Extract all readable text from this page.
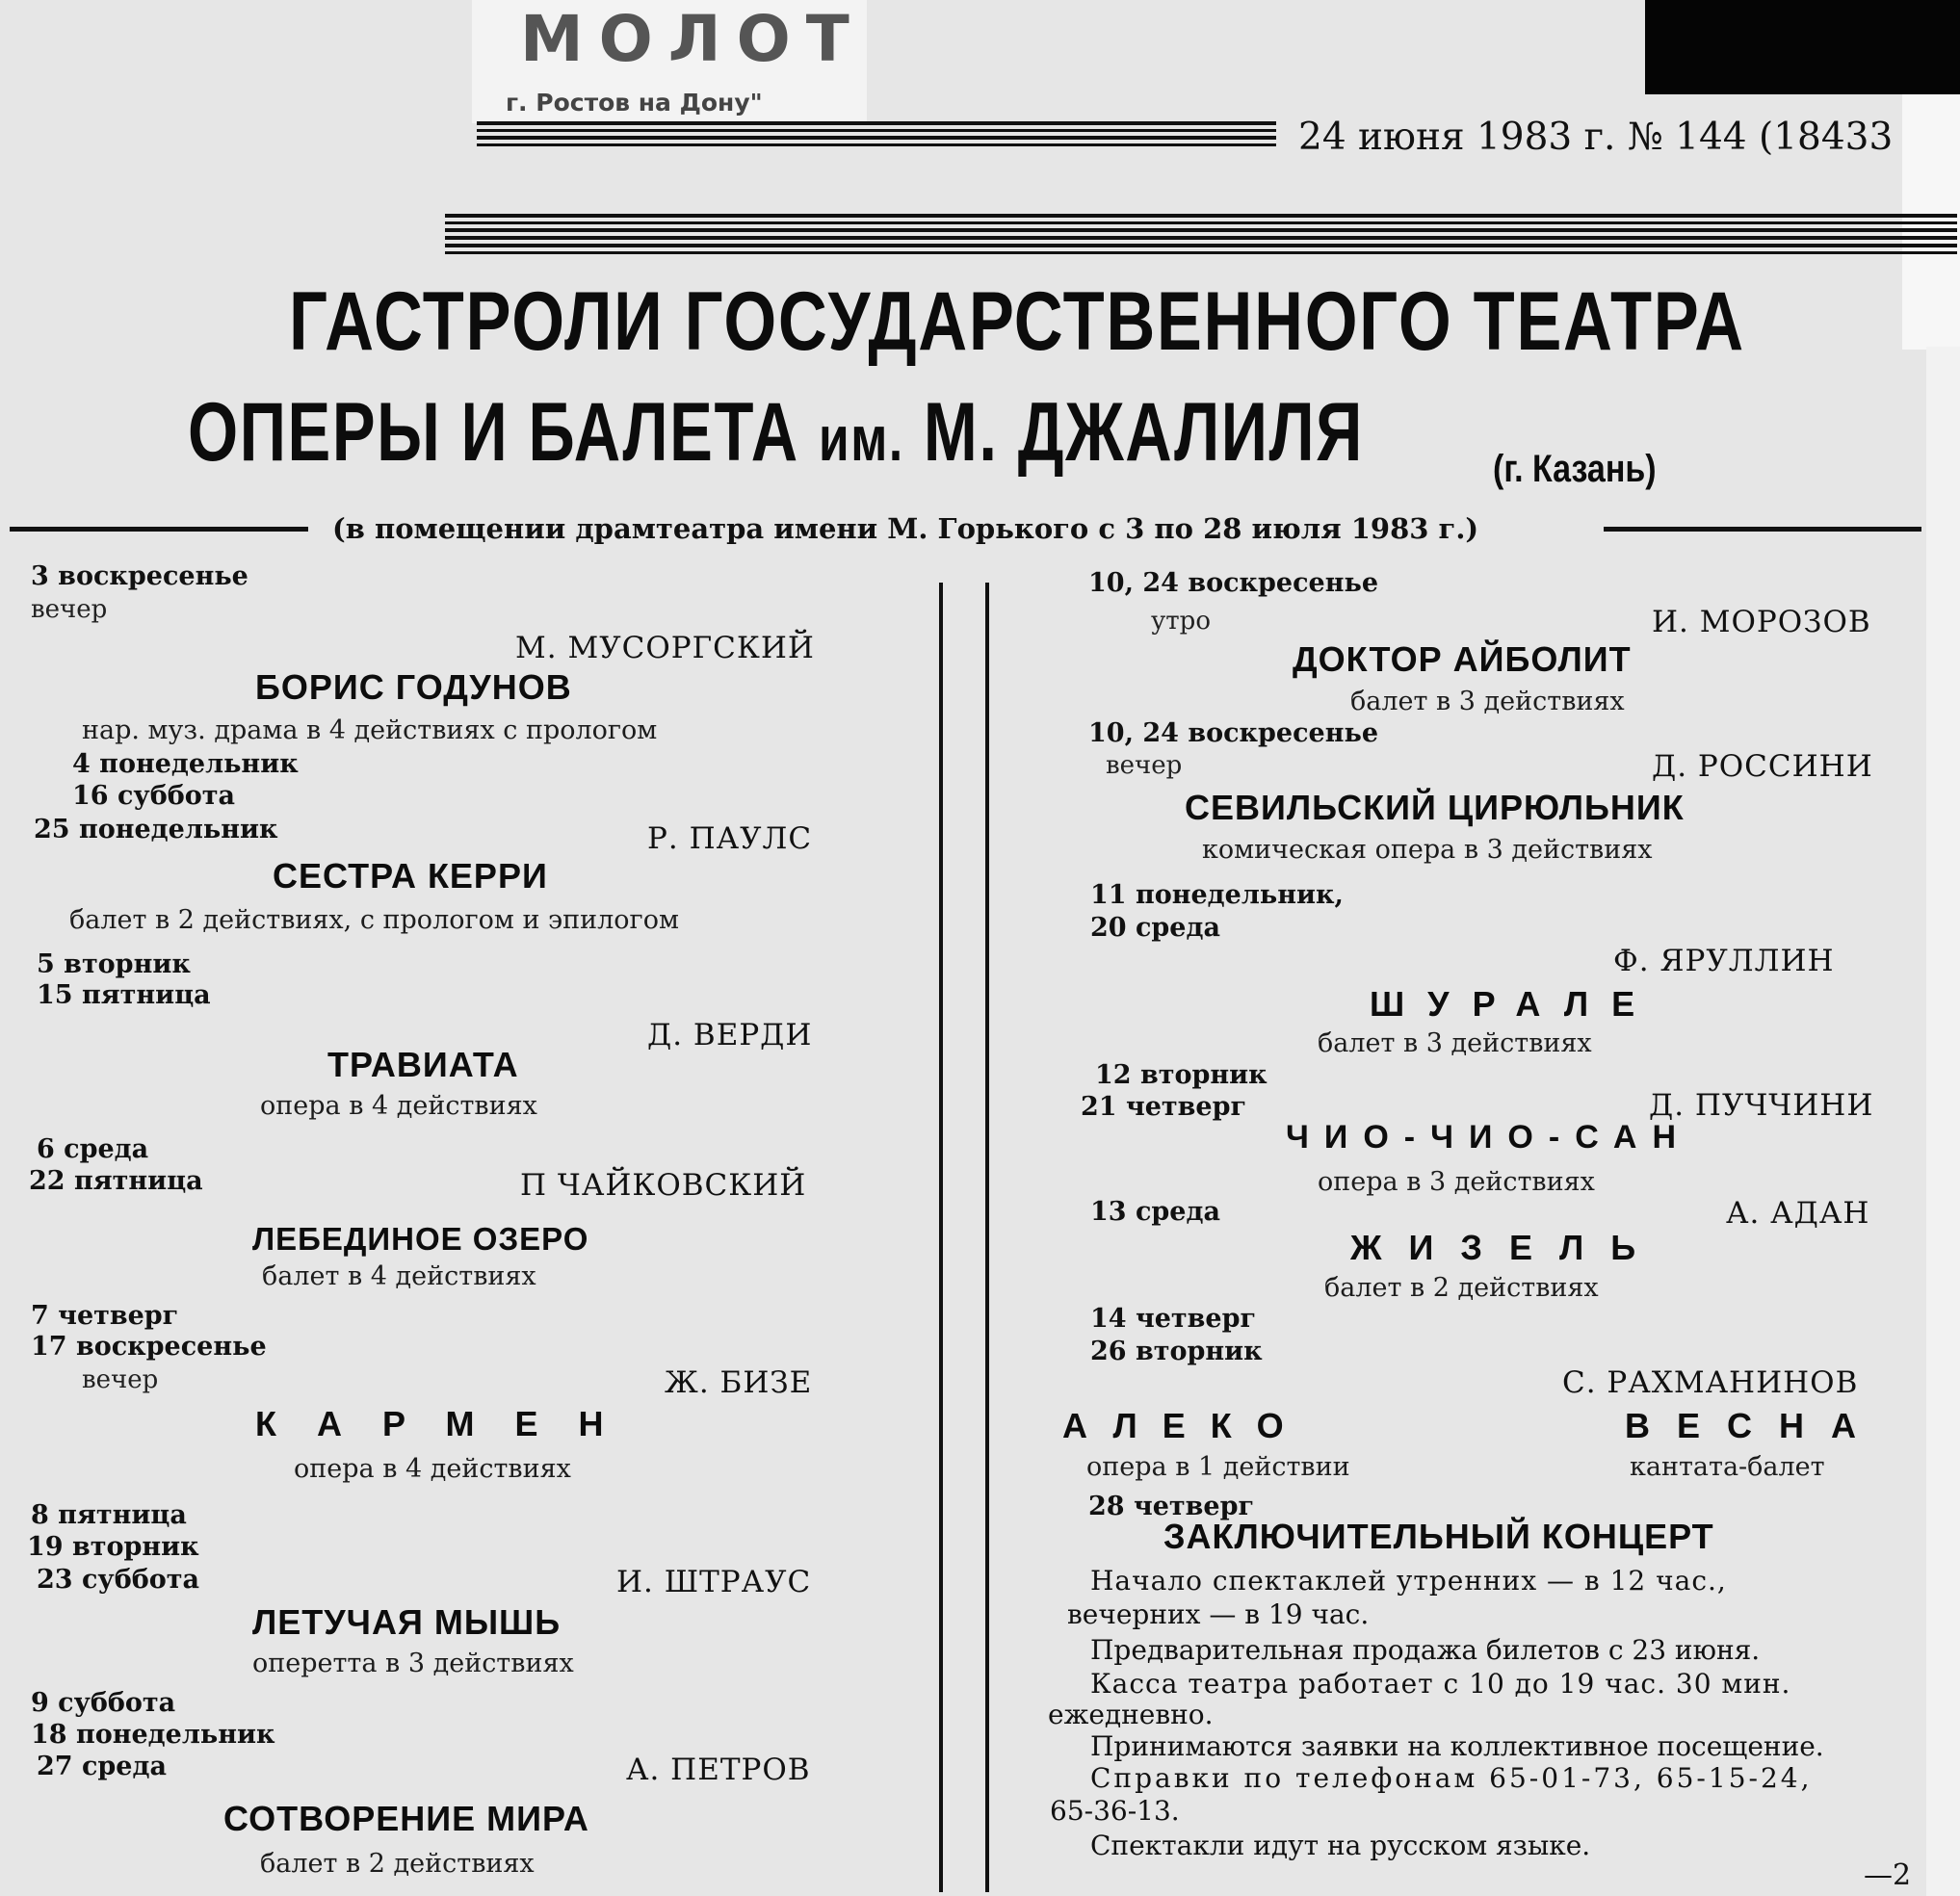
МОЛОТ
г. Ростов на Дону"
24 июня 1983 г. № 144 (18433
ГАСТРОЛИ ГОСУДАРСТВЕННОГО ТЕАТРА
ОПЕРЫ И БАЛЕТА им. М. ДЖАЛИЛЯ	(г. Казань)
(в помещении драмтеатра имени М. Горького с 3 по 28 июля 1983 г.)
3 воскресенье
вечер
М. МУСОРГСКИЙ
БОРИС ГОДУНОВ
нар. муз. драма в 4 действиях с прологом
4 понедельник
16 суббота
25 понедельник	Р. ПАУЛС
СЕСТРА КЕРРИ
балет в 2 действиях, с прологом и эпилогом
5 вторник
15 пятница
Д. ВЕРДИ
ТРАВИАТА
опера в 4 действиях
6 среда
22 пятница	П ЧАЙКОВСКИЙ
ЛЕБЕДИНОЕ ОЗЕРО
балет в 4 действиях
7 четверг
17 воскресенье
вечер	Ж. БИЗЕ
КАРМЕН
опера в 4 действиях
8 пятница
19 вторник
23 суббота	И. ШТРАУС
ЛЕТУЧАЯ МЫШЬ
оперетта в 3 действиях
9 суббота
18 понедельник
27 среда	А. ПЕТРОВ
СОТВОРЕНИЕ МИРА
балет в 2 действиях
10, 24 воскресенье
утро	И. МОРОЗОВ
ДОКТОР АЙБОЛИТ
балет в 3 действиях
10, 24 воскресенье
вечер	Д. РОССИНИ
СЕВИЛЬСКИЙ ЦИРЮЛЬНИК
комическая опера в 3 действиях
11 понедельник,
20 среда
Ф. ЯРУЛЛИН
ШУРАЛЕ
балет в 3 действиях
12 вторник
21 четверг	Д. ПУЧЧИНИ
ЧИО-ЧИО-САН
опера в 3 действиях
13 среда	А. АДАН
ЖИЗЕЛЬ
балет в 2 действиях
14 четверг
26 вторник
С. РАХМАНИНОВ
АЛЕКО
опера в 1 действии
ВЕСНА
кантата-балет
28 четверг
ЗАКЛЮЧИТЕЛЬНЫЙ КОНЦЕРТ
Начало спектаклей утренних — в 12 час.,
вечерних — в 19 час.
Предварительная продажа билетов с 23 июня.
Касса театра работает с 10 до 19 час. 30 мин.
ежедневно.
Принимаются заявки на коллективное посещение.
Справки по телефонам 65-01-73, 65-15-24,
65-36-13.
Спектакли идут на русском языке.
—2
